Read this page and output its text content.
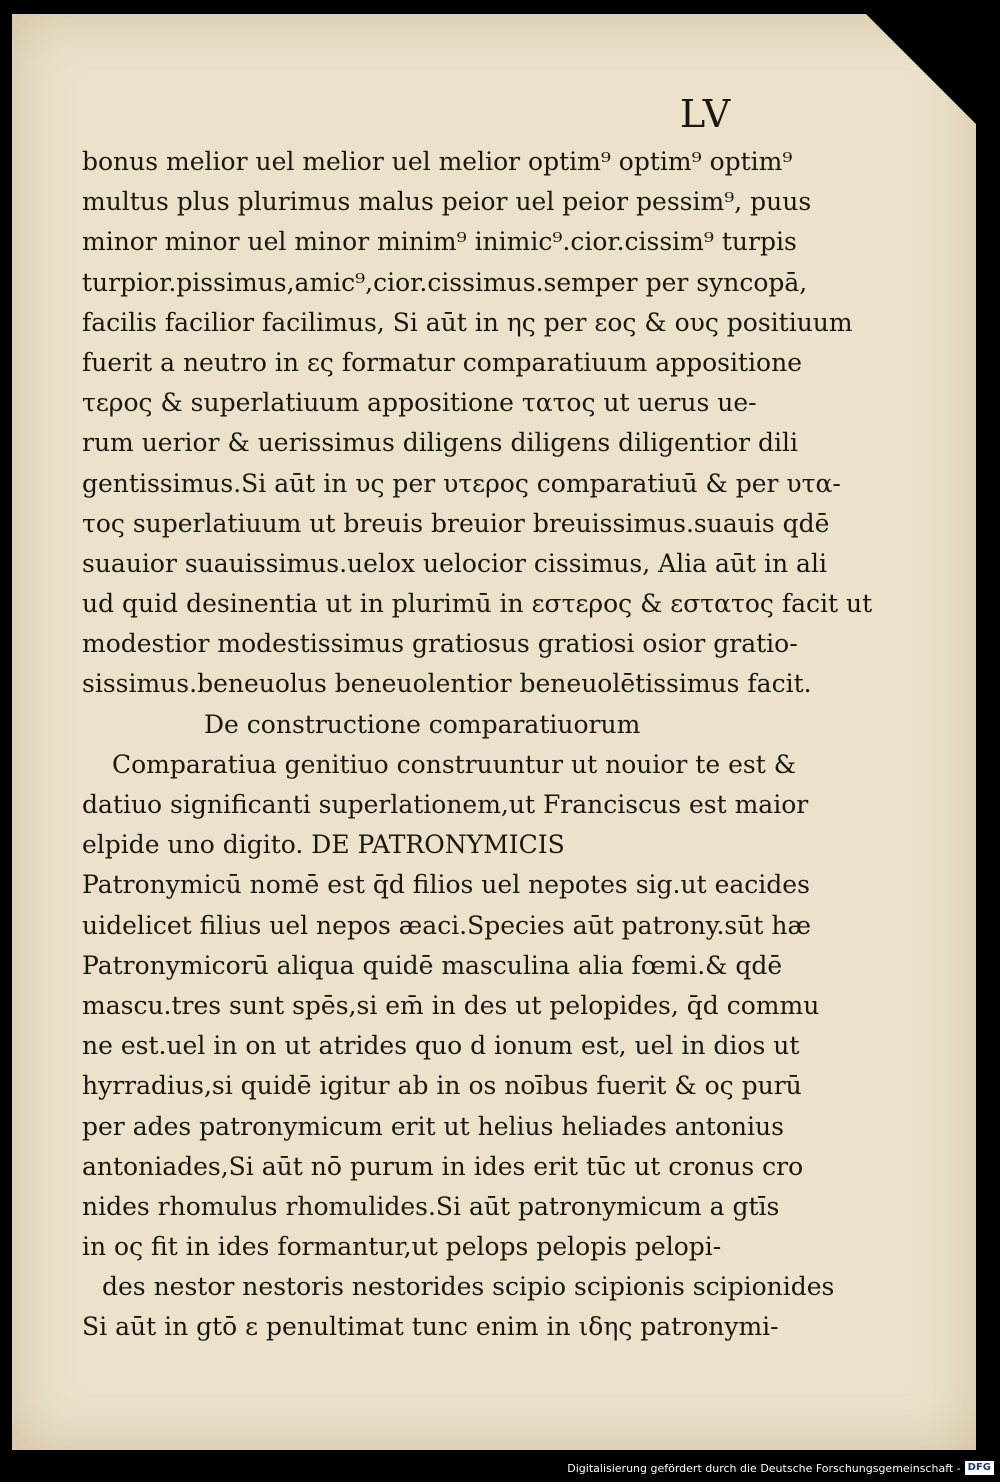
LV
bonus melior uel melior uel melior optim⁹ optim⁹ optim⁹
multus plus plurimus malus peior uel peior pessim⁹, puus
minor minor uel minor minim⁹ inimic⁹.cior.cissim⁹ turpis
turpior.pissimus,amic⁹,cior.cissimus.semper per syncopā,
facilis facilior facilimus, Si aūt in ης per εος & ους positiuum
fuerit a neutro in ες formatur comparatiuum appositione
τερος & superlatiuum appositione τατος ut uerus ue-
rum uerior & uerissimus diligens diligens diligentior dili
gentissimus.Si aūt in υς per υτερος comparatiuū & per υτα-
τος superlatiuum ut breuis breuior breuissimus.suauis qdē
suauior suauissimus.uelox uelocior cissimus, Alia aūt in ali
ud quid desinentia ut in plurimū in εστερος & εστατος facit ut
modestior modestissimus gratiosus gratiosi osior gratio-
sissimus.beneuolus beneuolentior beneuolētissimus facit.
De constructione comparatiuorum
Comparatiua genitiuo construuntur ut nouior te est &
datiuo significanti superlationem,ut Franciscus est maior
elpide uno digito. DE PATRONYMICIS
Patronymicū nomē est q̄d filios uel nepotes sig.ut eacides
uidelicet filius uel nepos æaci.Species aūt patrony.sūt hæ
Patronymicorū aliqua quidē masculina alia fœmi.& qdē
mascu.tres sunt spēs,si em̄ in des ut pelopides, q̄d commu
ne est.uel in on ut atrides quo d ionum est, uel in dios ut
hyrradius,si quidē igitur ab in os noībus fuerit & ος purū
per ades patronymicum erit ut helius heliades antonius
antoniades,Si aūt nō purum in ides erit tūc ut cronus cro
nides rhomulus rhomulides.Si aūt patronymicum a gtīs
in ος fit in ides formantur,ut pelops pelopis pelopi-
des nestor nestoris nestorides scipio scipionis scipionides
Si aūt in gtō ε penultimat tunc enim in ιδης patronymi-
Digitalisierung gefördert durch die Deutsche Forschungsgemeinschaft - DFG
